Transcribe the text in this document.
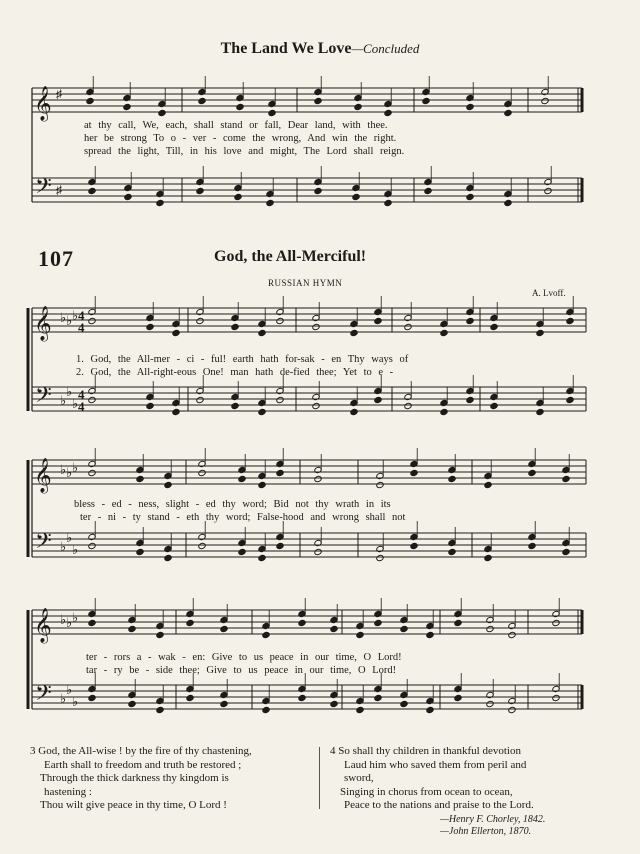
The Land We Love—Concluded
𝄞
𝄢
♯
♯
𝄞
𝄢
♭ ♭ ♭
♭
♭
♭
4
4
4
4
𝄞
𝄢
♭ ♭ ♭
♭
♭
♭
𝄞
𝄢
♭ ♭ ♭
♭
♭
♭
at thy call, We, each, shall stand or fall, Dear land, with thee.
her be strong To o - ver - come the wrong, And win the right.
spread the light, Till, in his love and might, The Lord shall reign.
107	God, the All-Merciful!
RUSSIAN HYMN
A. Lvoff.
1. God, the All-mer - ci - ful! earth hath for-sak - en Thy ways of
2. God, the All-right-eous One! man hath de-fied thee; Yet to e -
bless - ed - ness, slight - ed thy word; Bid not thy wrath in its
ter - ni - ty stand - eth thy word; False-hood and wrong shall not
ter - rors a - wak - en: Give to us peace in our time, O Lord!
tar - ry be - side thee; Give to us peace in our time, O Lord!
3 God, the All-wise ! by the fire of thy chastening,
Earth shall to freedom and truth be restored ;
Through the thick darkness thy kingdom is
hastening :
Thou wilt give peace in thy time, O Lord !
4 So shall thy children in thankful devotion
Laud him who saved them from peril and
sword,
Singing in chorus from ocean to ocean,
Peace to the nations and praise to the Lord.
—Henry F. Chorley, 1842.
—John Ellerton, 1870.
